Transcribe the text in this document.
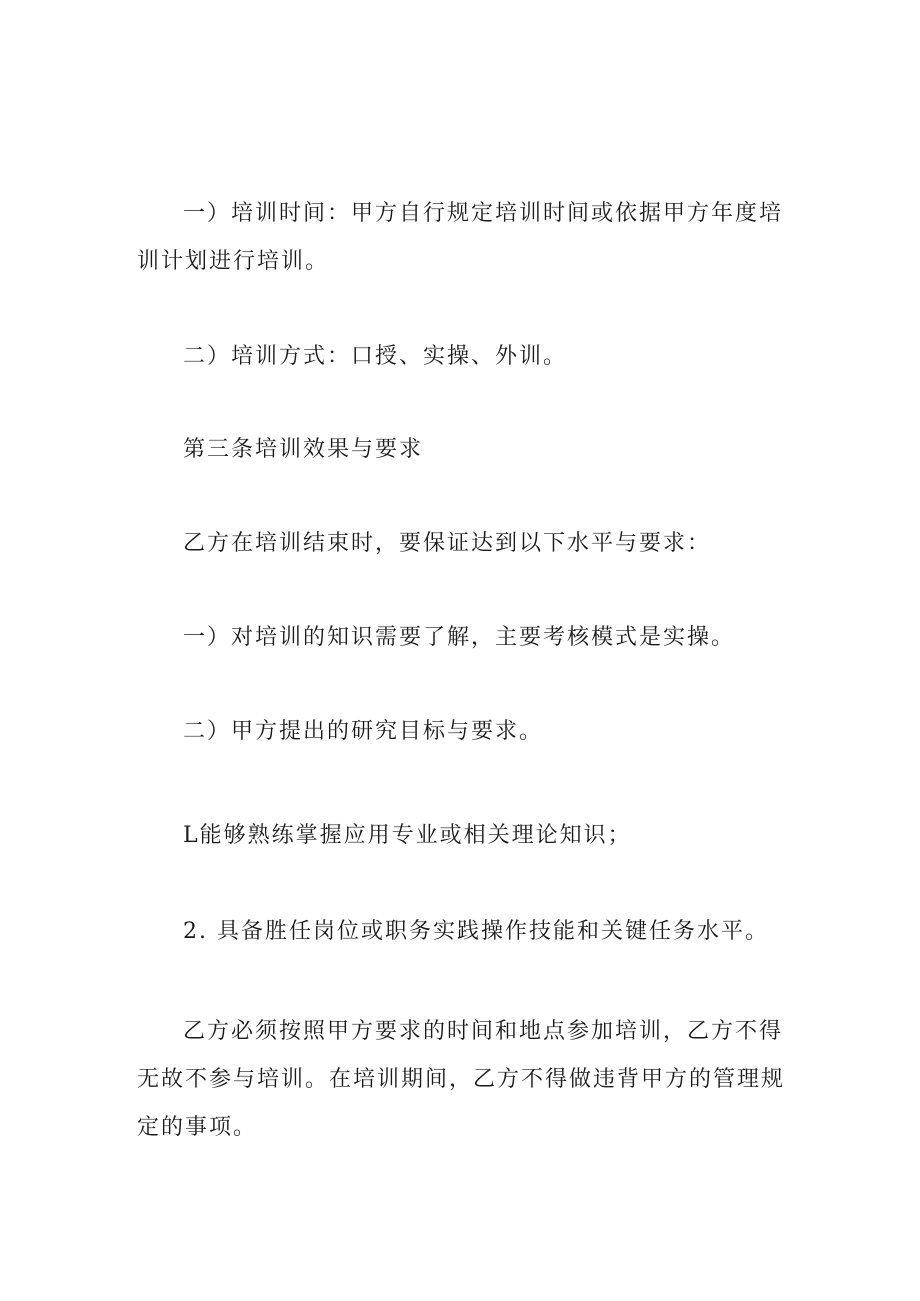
一）培训时间：甲方自行规定培训时间或依据甲方年度培 训计划进行培训。

二）培训方式：口授、实操、外训。

第三条培训效果与要求

乙方在培训结束时，要保证达到以下水平与要求：

一）对培训的知识需要了解，主要考核模式是实操。

二）甲方提出的研究目标与要求。

L能够熟练掌握应用专业或相关理论知识；

2. 具备胜任岗位或职务实践操作技能和关键任务水平。

乙方必须按照甲方要求的时间和地点参加培训，乙方不得 无故不参与培训。在培训期间，乙方不得做违背甲方的管理规 定的事项。
